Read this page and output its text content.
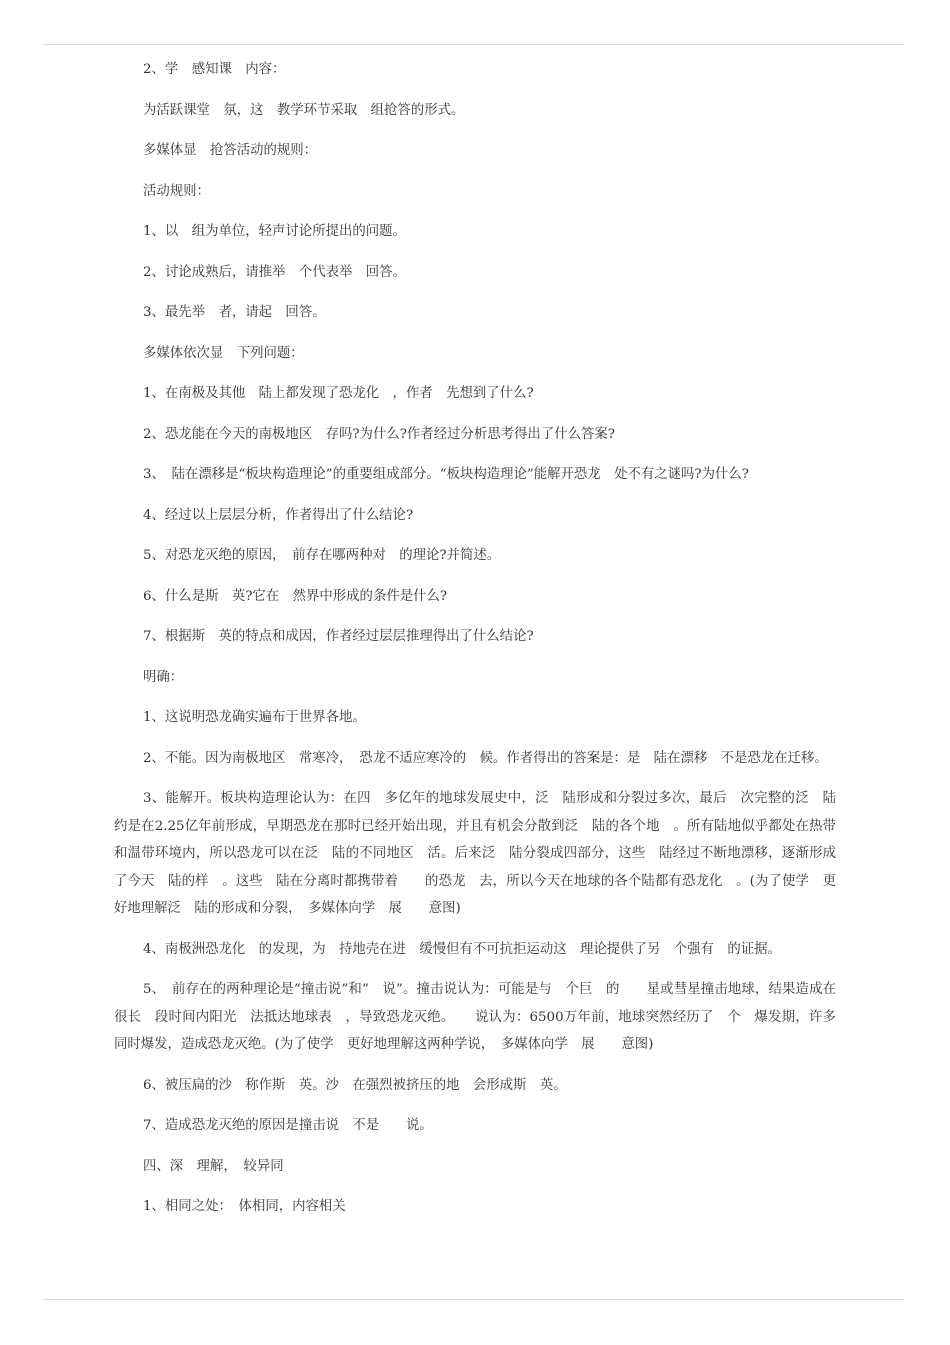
2、学　感知课　内容：

为活跃课堂　氛，这　教学环节采取　组抢答的形式。

多媒体显　抢答活动的规则：

活动规则：

1、以　组为单位，轻声讨论所提出的问题。

2、讨论成熟后，请推举　个代表举　回答。

3、最先举　者，请起　回答。

多媒体依次显　下列问题：

1、在南极及其他　陆上都发现了恐龙化　，作者　先想到了什么?

2、恐龙能在今天的南极地区　存吗?为什么?作者经过分析思考得出了什么答案?

3、　陆在漂移是“板块构造理论”的重要组成部分。“板块构造理论”能解开恐龙　处不有之谜吗?为什么?

4、经过以上层层分析，作者得出了什么结论?

5、对恐龙灭绝的原因，　前存在哪两种对　的理论?并简述。

6、什么是斯　英?它在　然界中形成的条件是什么?

7、根据斯　英的特点和成因，作者经过层层推理得出了什么结论?

明确：

1、这说明恐龙确实遍布于世界各地。

2、不能。因为南极地区　常寒冷，　恐龙不适应寒冷的　候。作者得出的答案是：是　陆在漂移　不是恐龙在迁移。

3、能解开。板块构造理论认为：在四　多亿年的地球发展史中，泛　陆形成和分裂过多次，最后　次完整的泛　陆　约是在2.25亿年前形成，早期恐龙在那时已经开始出现，并且有机会分散到泛　陆的各个地　。所有陆地似乎都处在热带和温带环境内，所以恐龙可以在泛　陆的不同地区　活。后来泛　陆分裂成四部分，这些　陆经过不断地漂移，逐渐形成了今天　陆的样　。这些　陆在分离时都携带着　　的恐龙　去，所以今天在地球的各个陆都有恐龙化　。(为了使学　更好地理解泛　陆的形成和分裂，　多媒体向学　展　　意图)

4、南极洲恐龙化　的发现，为　持地壳在进　缓慢但有不可抗拒运动这　理论提供了另　个强有　的证据。

5、　前存在的两种理论是“撞击说”和“　说”。撞击说认为：可能是与　个巨　的　　星或彗星撞击地球，结果造成在很长　段时间内阳光　法抵达地球表　，导致恐龙灭绝。　　说认为：6500万年前，地球突然经历了　个　爆发期，许多　　同时爆发，造成恐龙灭绝。(为了使学　更好地理解这两种学说，　多媒体向学　展　　意图)

6、被压扁的沙　称作斯　英。沙　在强烈被挤压的地　会形成斯　英。

7、造成恐龙灭绝的原因是撞击说　不是　　说。

四、深　理解，　较异同

1、相同之处：　体相同，内容相关
